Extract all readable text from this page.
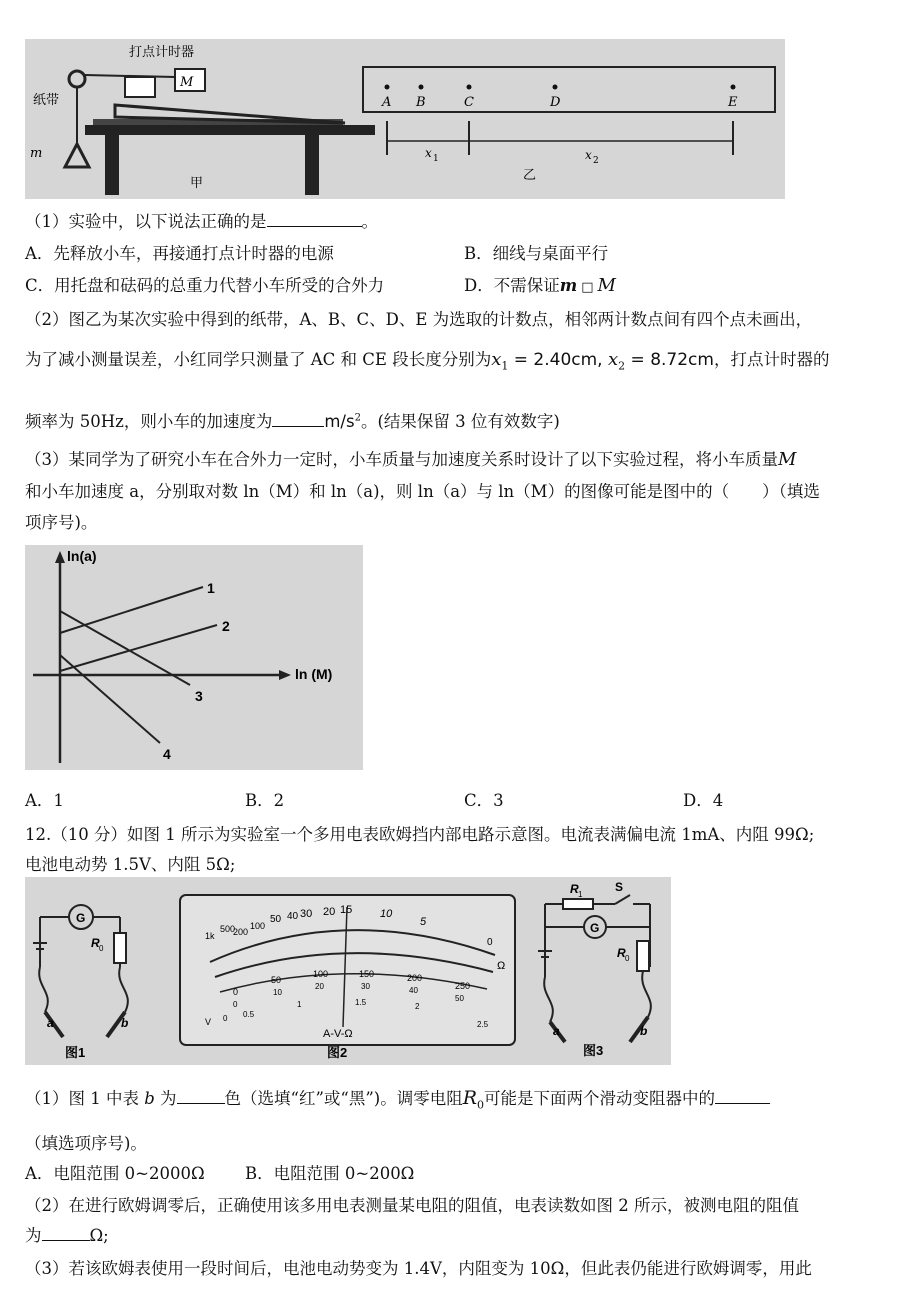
打点计时器
纸带
M
m
甲
A B	C	D	E
x 1	x 2
乙
（1）实验中，以下说法正确的是	。
A．先释放小车，再接通打点计时器的电源	B．细线与桌面平行
C．用托盘和砝码的总重力代替小车所受的合外力	D．不需保证m □ M
（2）图乙为某次实验中得到的纸带，A、B、C、D、E 为选取的计数点，相邻两计数点间有四个点未画出，
为了减小测量误差，小红同学只测量了 AC 和 CE 段长度分别为$x_1 = 2.40cm$, $x_2 = 8.72cm$，打点计时器的
频率为 50Hz，则小车的加速度为	$m/s^2$。(结果保留 3 位有效数字)
（3）某同学为了研究小车在合外力一定时，小车质量与加速度关系时设计了以下实验过程，将小车质量M
和小车加速度 a，分别取对数 ln（M）和 ln（a)，则 ln（a）与 ln（M）的图像可能是图中的（　　）（填选
项序号)。
ln(a)
ln (M)
1
2
3
4
A．1	B．2	C．3	D．4
12.（10 分）如图 1 所示为实验室一个多用电表欧姆挡内部电路示意图。电流表满偏电流 1mA、内阻 99Ω;
电池电动势 1.5V、内阻 5Ω;
G
R 0
a	b
图1
1k
500
200
100
50 40 30 20 15	10
5
0
Ω
0
50
100	150	200
250
0
10
20	30	40
50
0 0.5
1	1.5	2
2.5
V
A-V-Ω
图2
R 1
S
G
R 0
a	b
图3
（1）图 1 中表 b 为	色（选填“红”或“黑”)。调零电阻$R_0$可能是下面两个滑动变阻器中的
（填选项序号)。
A．电阻范围 0~2000Ω B．电阻范围 0~200Ω
（2）在进行欧姆调零后，正确使用该多用电表测量某电阻的阻值，电表读数如图 2 所示，被测电阻的阻值
为	Ω;
（3）若该欧姆表使用一段时间后，电池电动势变为 1.4V，内阻变为 10Ω，但此表仍能进行欧姆调零，用此
